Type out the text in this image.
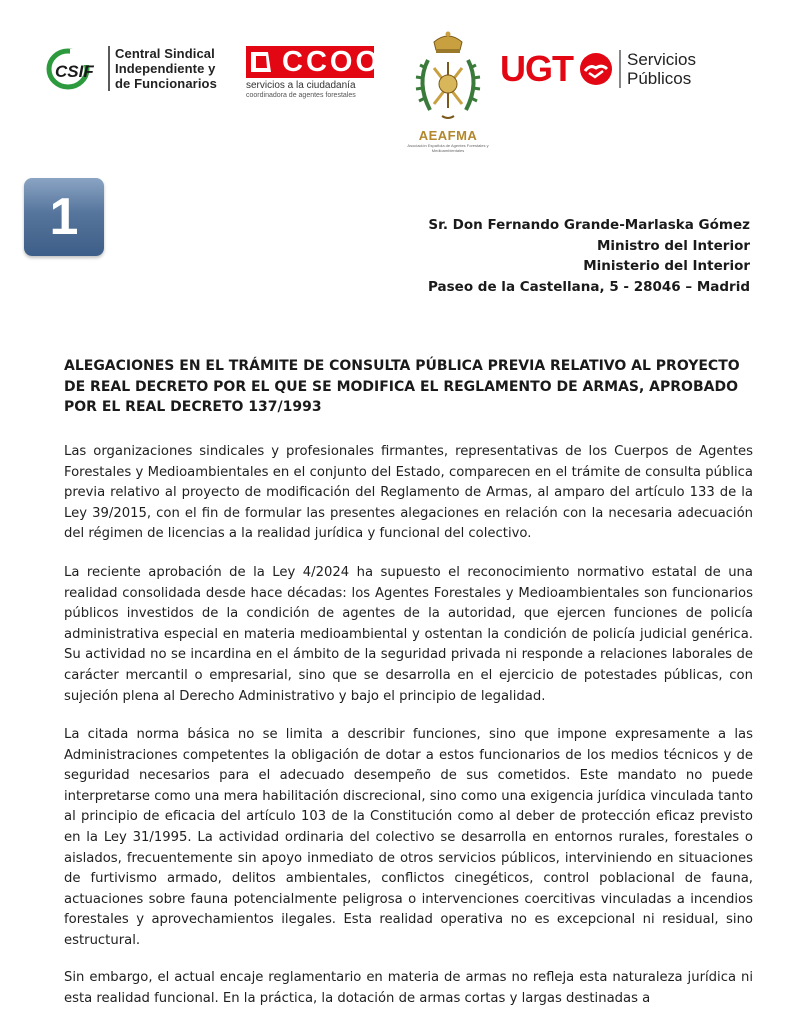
CSIF
Central Sindical
Independiente y
de Funcionarios
CCOO
servicios a la ciudadanía
coordinadora de agentes forestales
AEAFMA
Asociación Española de Agentes Forestales y Medioambientales
UGT	Servicios
Públicos
1	Sr. Don Fernando Grande-Marlaska Gómez
Ministro del Interior
Ministerio del Interior
Paseo de la Castellana, 5 - 28046 – Madrid
ALEGACIONES EN EL TRÁMITE DE CONSULTA PÚBLICA PREVIA RELATIVO AL PROYECTO DE REAL DECRETO POR EL QUE SE MODIFICA EL REGLAMENTO DE ARMAS, APROBADO POR EL REAL DECRETO 137/1993

Las organizaciones sindicales y profesionales firmantes, representativas de los Cuerpos de Agentes Forestales y Medioambientales en el conjunto del Estado, comparecen en el trámite de consulta pública previa relativo al proyecto de modificación del Reglamento de Armas, al amparo del artículo 133 de la Ley 39/2015, con el fin de formular las presentes alegaciones en relación con la necesaria adecuación del régimen de licencias a la realidad jurídica y funcional del colectivo.

La reciente aprobación de la Ley 4/2024 ha supuesto el reconocimiento normativo estatal de una realidad consolidada desde hace décadas: los Agentes Forestales y Medioambientales son funcionarios públicos investidos de la condición de agentes de la autoridad, que ejercen funciones de policía administrativa especial en materia medioambiental y ostentan la condición de policía judicial genérica. Su actividad no se incardina en el ámbito de la seguridad privada ni responde a relaciones laborales de carácter mercantil o empresarial, sino que se desarrolla en el ejercicio de potestades públicas, con sujeción plena al Derecho Administrativo y bajo el principio de legalidad.

La citada norma básica no se limita a describir funciones, sino que impone expresamente a las Administraciones competentes la obligación de dotar a estos funcionarios de los medios técnicos y de seguridad necesarios para el adecuado desempeño de sus cometidos. Este mandato no puede interpretarse como una mera habilitación discrecional, sino como una exigencia jurídica vinculada tanto al principio de eficacia del artículo 103 de la Constitución como al deber de protección eficaz previsto en la Ley 31/1995. La actividad ordinaria del colectivo se desarrolla en entornos rurales, forestales o aislados, frecuentemente sin apoyo inmediato de otros servicios públicos, interviniendo en situaciones de furtivismo armado, delitos ambientales, conflictos cinegéticos, control poblacional de fauna, actuaciones sobre fauna potencialmente peligrosa o intervenciones coercitivas vinculadas a incendios forestales y aprovechamientos ilegales. Esta realidad operativa no es excepcional ni residual, sino estructural.

Sin embargo, el actual encaje reglamentario en materia de armas no refleja esta naturaleza jurídica ni esta realidad funcional. En la práctica, la dotación de armas cortas y largas destinadas a
